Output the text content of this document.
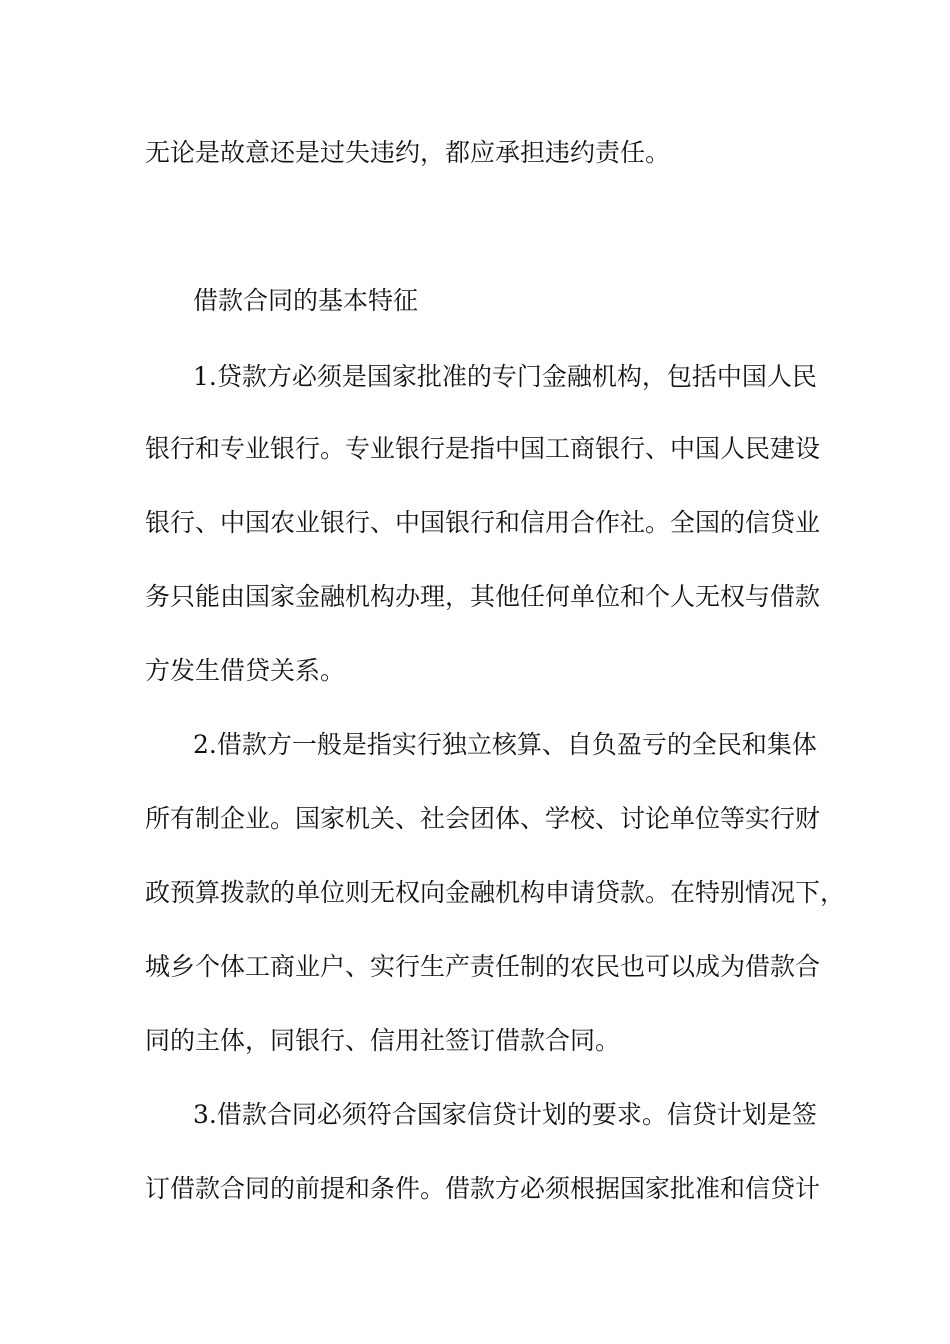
无论是故意还是过失违约，都应承担违约责任。
借款合同的基本特征
1.贷款方必须是国家批准的专门金融机构，包括中国人民
银行和专业银行。专业银行是指中国工商银行、中国人民建设
银行、中国农业银行、中国银行和信用合作社。全国的信贷业
务只能由国家金融机构办理，其他任何单位和个人无权与借款
方发生借贷关系。
2.借款方一般是指实行独立核算、自负盈亏的全民和集体
所有制企业。国家机关、社会团体、学校、讨论单位等实行财
政预算拨款的单位则无权向金融机构申请贷款。在特别情况下，
城乡个体工商业户、实行生产责任制的农民也可以成为借款合
同的主体，同银行、信用社签订借款合同。
3.借款合同必须符合国家信贷计划的要求。信贷计划是签
订借款合同的前提和条件。借款方必须根据国家批准和信贷计
